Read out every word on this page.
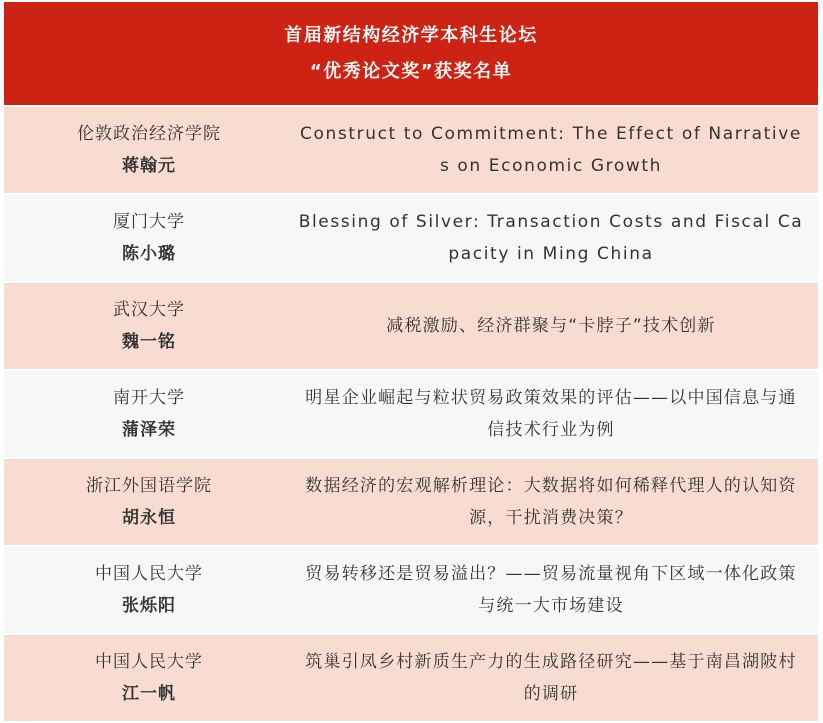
首届新结构经济学本科生论坛
“优秀论文奖”获奖名单
伦敦政治经济学院
蒋翰元
Construct to Commitment: The Effect of Narratives on Economic Growth
厦门大学
陈小璐
Blessing of Silver: Transaction Costs and Fiscal Capacity in Ming China
武汉大学
魏一铭
减税激励、经济群聚与“卡脖子”技术创新
南开大学
蒲泽荣
明星企业崛起与粒状贸易政策效果的评估——以中国信息与通信技术行业为例
浙江外国语学院
胡永恒
数据经济的宏观解析理论：大数据将如何稀释代理人的认知资源，干扰消费决策？
中国人民大学
张烁阳
贸易转移还是贸易溢出？——贸易流量视角下区域一体化政策与统一大市场建设
中国人民大学
江一帆
筑巢引凤乡村新质生产力的生成路径研究——基于南昌湖陂村的调研
